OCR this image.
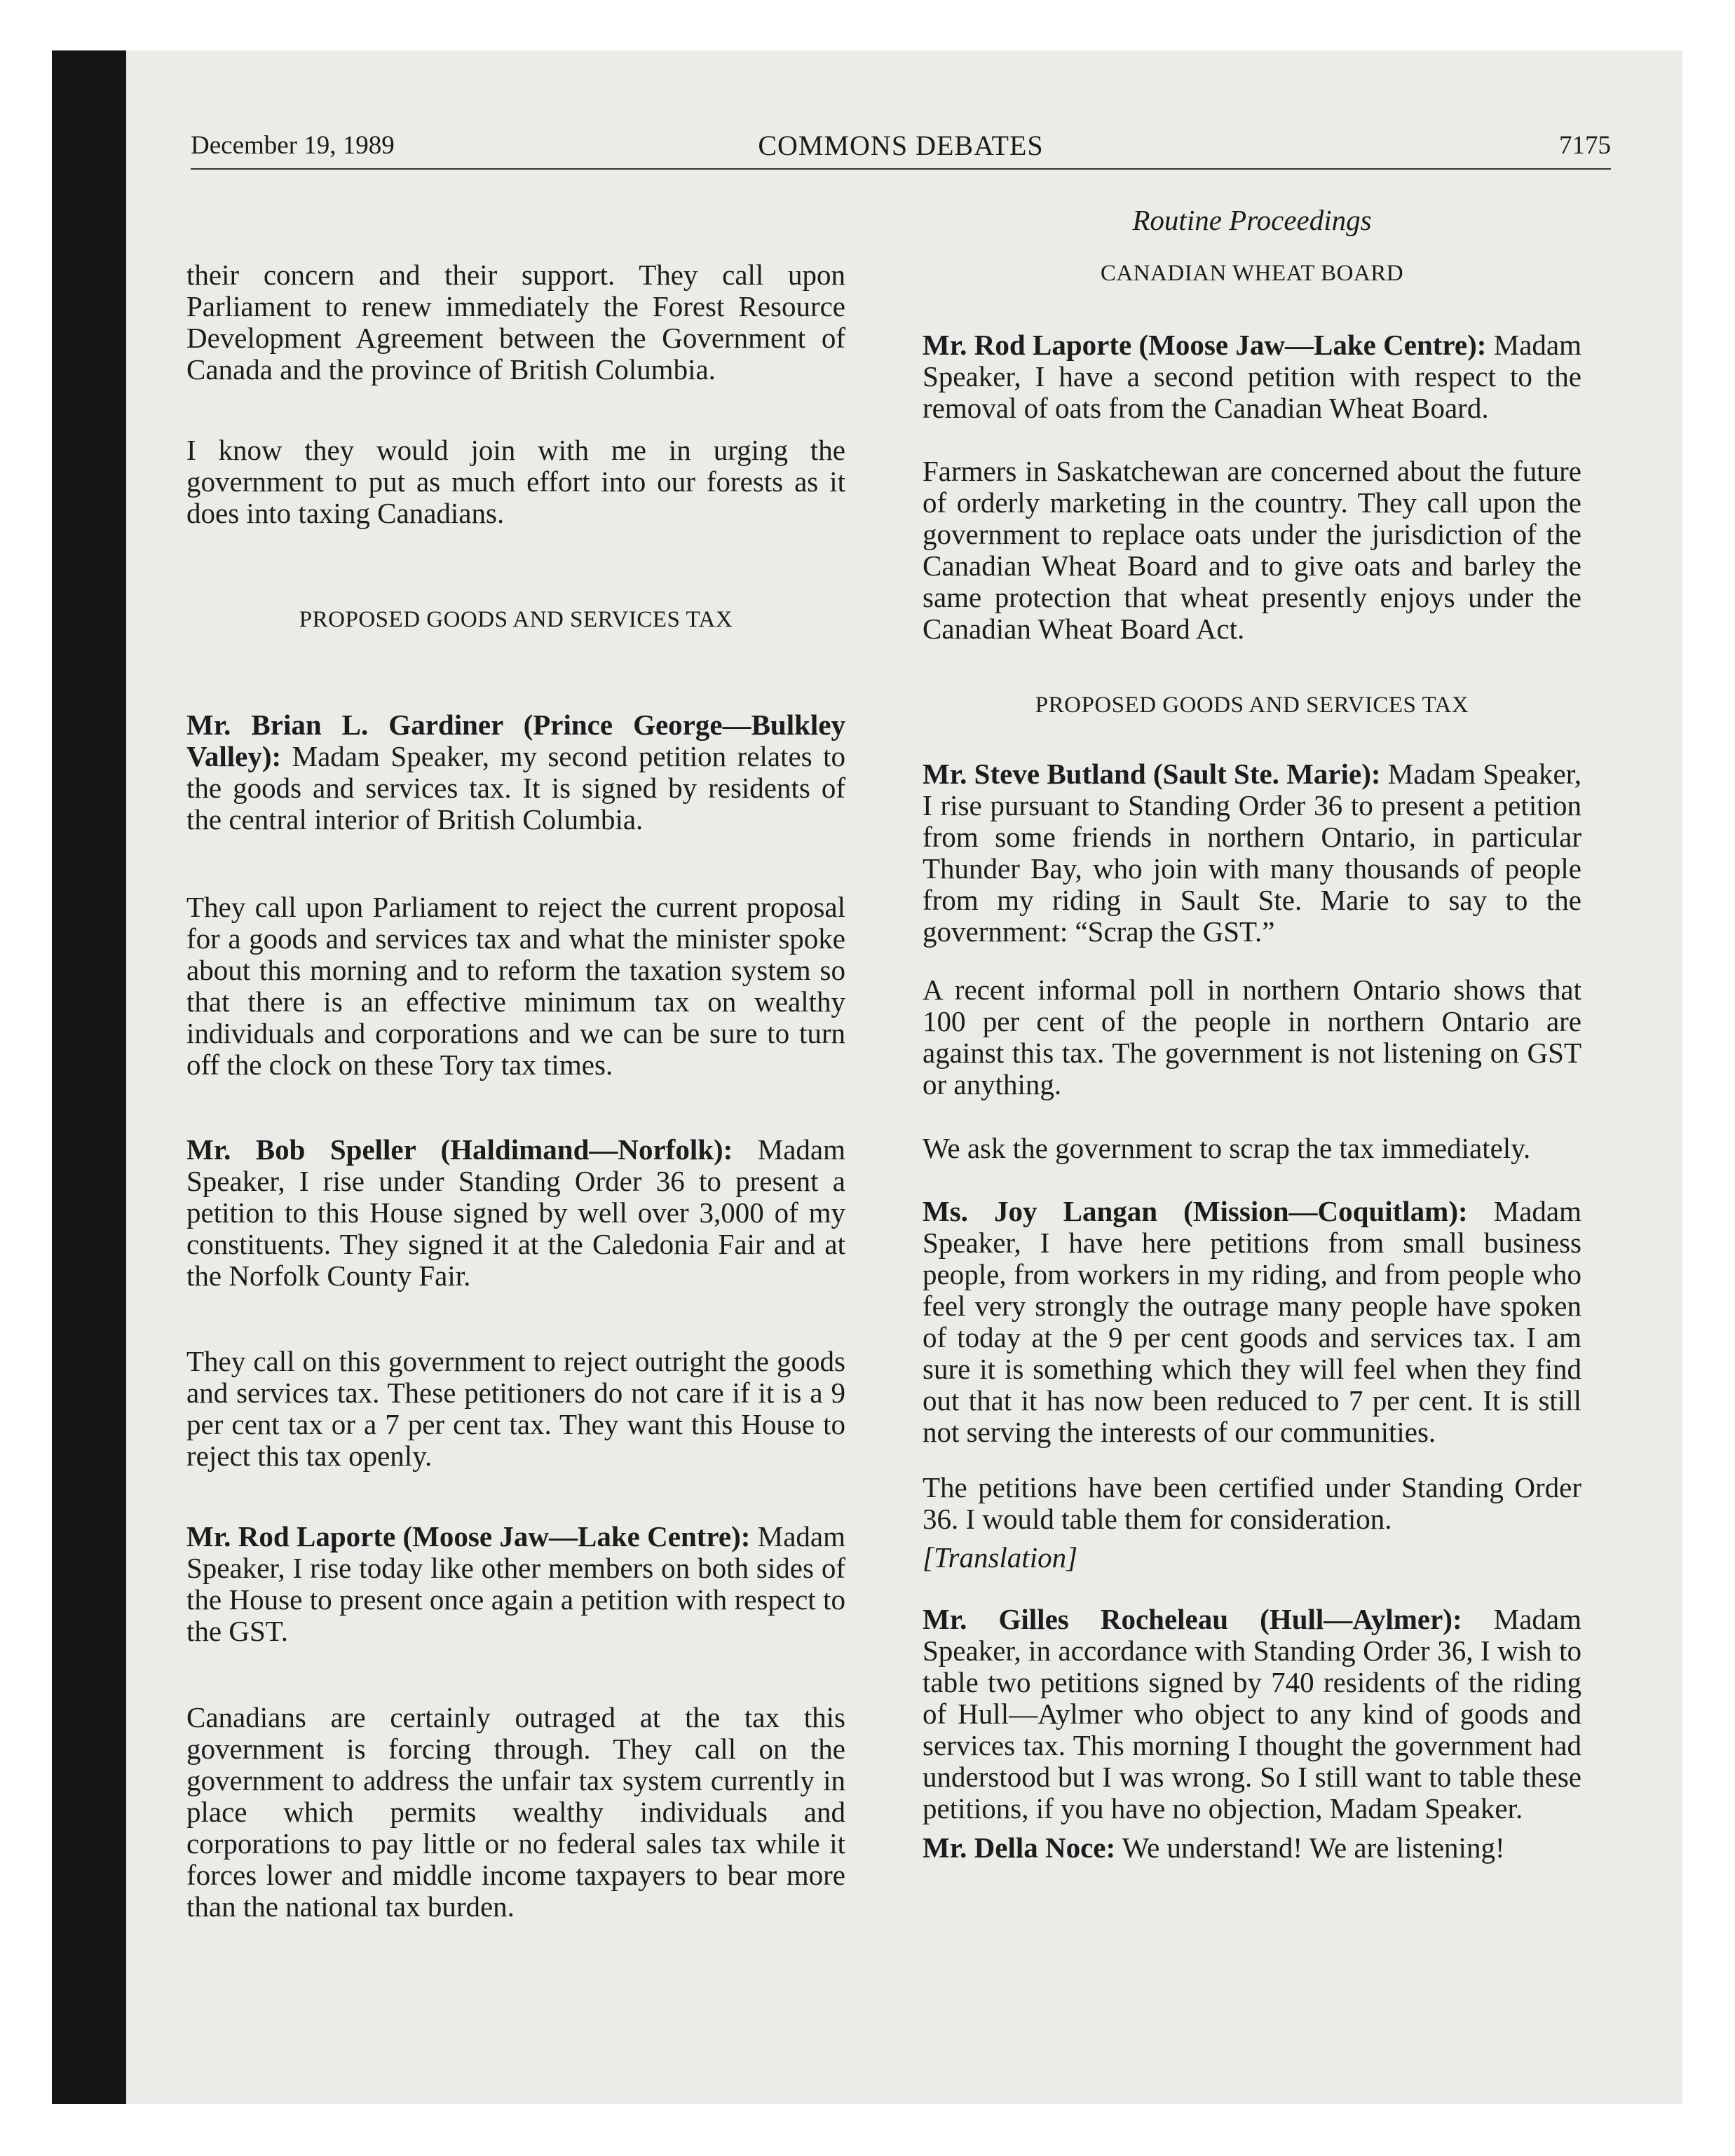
December 19, 1989	COMMONS DEBATES	7175

their concern and their support. They call upon Parliament to renew immediately the Forest Resource Development Agreement between the Government of Canada and the province of British Columbia.

I know they would join with me in urging the government to put as much effort into our forests as it does into taxing Canadians.

PROPOSED GOODS AND SERVICES TAX

Mr. Brian L. Gardiner (Prince George—Bulkley Valley): Madam Speaker, my second petition relates to the goods and services tax. It is signed by residents of the central interior of British Columbia.

They call upon Parliament to reject the current proposal for a goods and services tax and what the minister spoke about this morning and to reform the taxation system so that there is an effective minimum tax on wealthy individuals and corporations and we can be sure to turn off the clock on these Tory tax times.

Mr. Bob Speller (Haldimand—Norfolk): Madam Speaker, I rise under Standing Order 36 to present a petition to this House signed by well over 3,000 of my constituents. They signed it at the Caledonia Fair and at the Norfolk County Fair.

They call on this government to reject outright the goods and services tax. These petitioners do not care if it is a 9 per cent tax or a 7 per cent tax. They want this House to reject this tax openly.

Mr. Rod Laporte (Moose Jaw—Lake Centre): Madam Speaker, I rise today like other members on both sides of the House to present once again a petition with respect to the GST.

Canadians are certainly outraged at the tax this government is forcing through. They call on the government to address the unfair tax system currently in place which permits wealthy individuals and corporations to pay little or no federal sales tax while it forces lower and middle income taxpayers to bear more than the national tax burden.

Routine Proceedings

CANADIAN WHEAT BOARD

Mr. Rod Laporte (Moose Jaw—Lake Centre): Madam Speaker, I have a second petition with respect to the removal of oats from the Canadian Wheat Board.

Farmers in Saskatchewan are concerned about the future of orderly marketing in the country. They call upon the government to replace oats under the jurisdiction of the Canadian Wheat Board and to give oats and barley the same protection that wheat presently enjoys under the Canadian Wheat Board Act.

PROPOSED GOODS AND SERVICES TAX

Mr. Steve Butland (Sault Ste. Marie): Madam Speaker, I rise pursuant to Standing Order 36 to present a petition from some friends in northern Ontario, in particular Thunder Bay, who join with many thousands of people from my riding in Sault Ste. Marie to say to the government: “Scrap the GST.”

A recent informal poll in northern Ontario shows that 100 per cent of the people in northern Ontario are against this tax. The government is not listening on GST or anything.

We ask the government to scrap the tax immediately.

Ms. Joy Langan (Mission—Coquitlam): Madam Speaker, I have here petitions from small business people, from workers in my riding, and from people who feel very strongly the outrage many people have spoken of today at the 9 per cent goods and services tax. I am sure it is something which they will feel when they find out that it has now been reduced to 7 per cent. It is still not serving the interests of our communities.

The petitions have been certified under Standing Order 36. I would table them for consideration.

[Translation]

Mr. Gilles Rocheleau (Hull—Aylmer): Madam Speaker, in accordance with Standing Order 36, I wish to table two petitions signed by 740 residents of the riding of Hull—Aylmer who object to any kind of goods and services tax. This morning I thought the government had understood but I was wrong. So I still want to table these petitions, if you have no objection, Madam Speaker.

Mr. Della Noce: We understand! We are listening!
